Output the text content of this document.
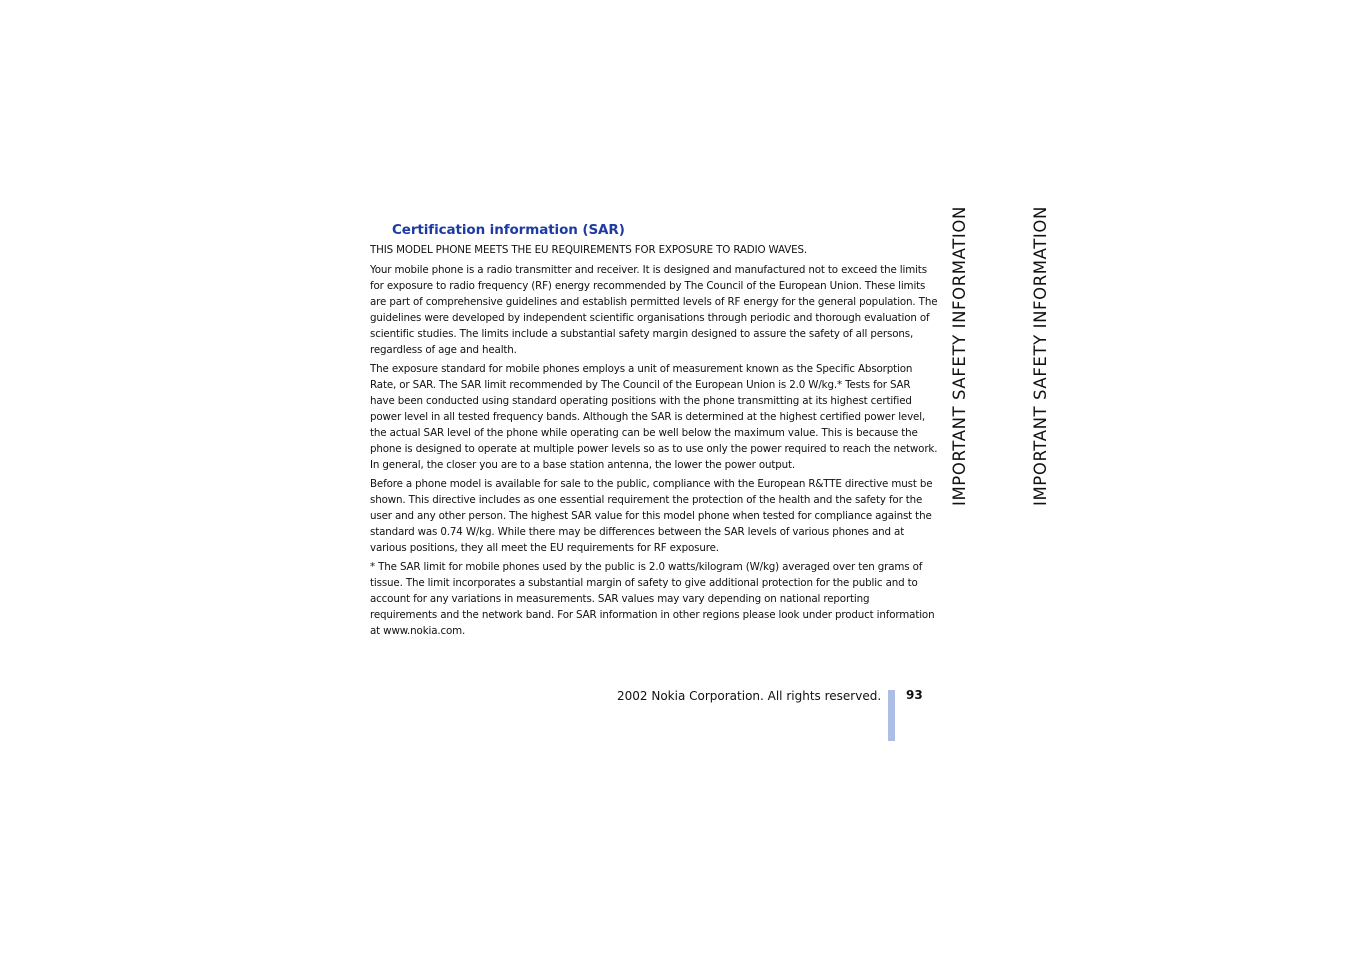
Certification information (SAR)

THIS MODEL PHONE MEETS THE EU REQUIREMENTS FOR EXPOSURE TO RADIO WAVES.

Your mobile phone is a radio transmitter and receiver. It is designed and manufactured not to exceed the limits for exposure to radio frequency (RF) energy recommended by The Council of the European Union. These limits are part of comprehensive guidelines and establish permitted levels of RF energy for the general population. The guidelines were developed by independent scientific organisations through periodic and thorough evaluation of scientific studies. The limits include a substantial safety margin designed to assure the safety of all persons, regardless of age and health.

The exposure standard for mobile phones employs a unit of measurement known as the Specific Absorption Rate, or SAR. The SAR limit recommended by The Council of the European Union is 2.0 W/kg.* Tests for SAR have been conducted using standard operating positions with the phone transmitting at its highest certified power level in all tested frequency bands. Although the SAR is determined at the highest certified power level, the actual SAR level of the phone while operating can be well below the maximum value. This is because the phone is designed to operate at multiple power levels so as to use only the power required to reach the network. In general, the closer you are to a base station antenna, the lower the power output.

Before a phone model is available for sale to the public, compliance with the European R&TTE directive must be shown. This directive includes as one essential requirement the protection of the health and the safety for the user and any other person. The highest SAR value for this model phone when tested for compliance against the standard was 0.74 W/kg. While there may be differences between the SAR levels of various phones and at various positions, they all meet the EU requirements for RF exposure.

* The SAR limit for mobile phones used by the public is 2.0 watts/kilogram (W/kg) averaged over ten grams of tissue. The limit incorporates a substantial margin of safety to give additional protection for the public and to account for any variations in measurements. SAR values may vary depending on national reporting requirements and the network band. For SAR information in other regions please look under product information at www.nokia.com.

IMPORTANT SAFETY INFORMATION	IMPORTANT SAFETY INFORMATION
2002 Nokia Corporation. All rights reserved. 93
